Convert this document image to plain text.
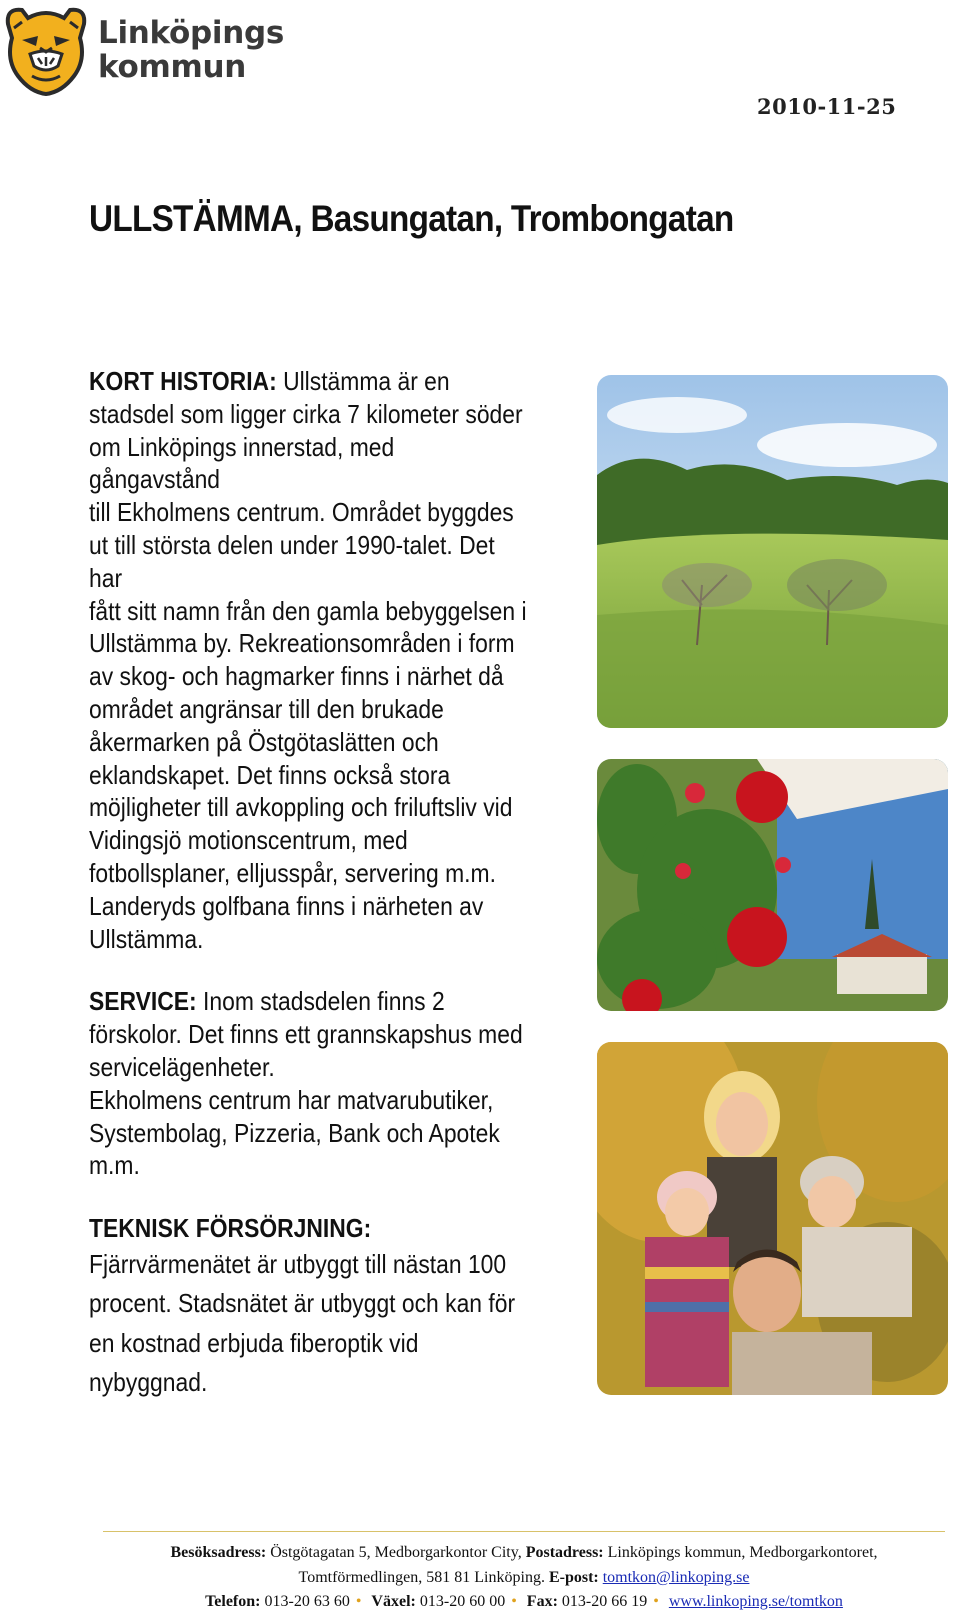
Linköpings
kommun
2010-11-25
ULLSTÄMMA, Basungatan, Trombongatan

KORT HISTORIA: Ullstämma är en

stadsdel som ligger cirka 7 kilometer söder

om Linköpings innerstad, med gångavstånd

till Ekholmens centrum. Området byggdes

ut till största delen under 1990-talet. Det har

fått sitt namn från den gamla bebyggelsen i

Ullstämma by. Rekreationsområden i form

av skog- och hagmarker finns i närhet då

området angränsar till den brukade

åkermarken på Östgötaslätten och

eklandskapet. Det finns också stora

möjligheter till avkoppling och friluftsliv vid

Vidingsjö motionscentrum, med

fotbollsplaner, elljusspår, servering m.m.

Landeryds golfbana finns i närheten av

Ullstämma.

SERVICE: Inom stadsdelen finns 2

förskolor. Det finns ett grannskapshus med

servicelägenheter.

Ekholmens centrum har matvarubutiker,

Systembolag, Pizzeria, Bank och Apotek

m.m.

TEKNISK FÖRSÖRJNING:

Fjärrvärmenätet är utbyggt till nästan 100

procent. Stadsnätet är utbyggt och kan för

en kostnad erbjuda fiberoptik vid

nybyggnad.

Besöksadress: Östgötagatan 5, Medborgarkontor City, Postadress: Linköpings kommun, Medborgarkontoret,
Tomtförmedlingen, 581 81 Linköping. E-post: tomtkon@linkoping.se
Telefon: 013-20 63 60 • Växel: 013-20 60 00 • Fax: 013-20 66 19 • www.linkoping.se/tomtkon
